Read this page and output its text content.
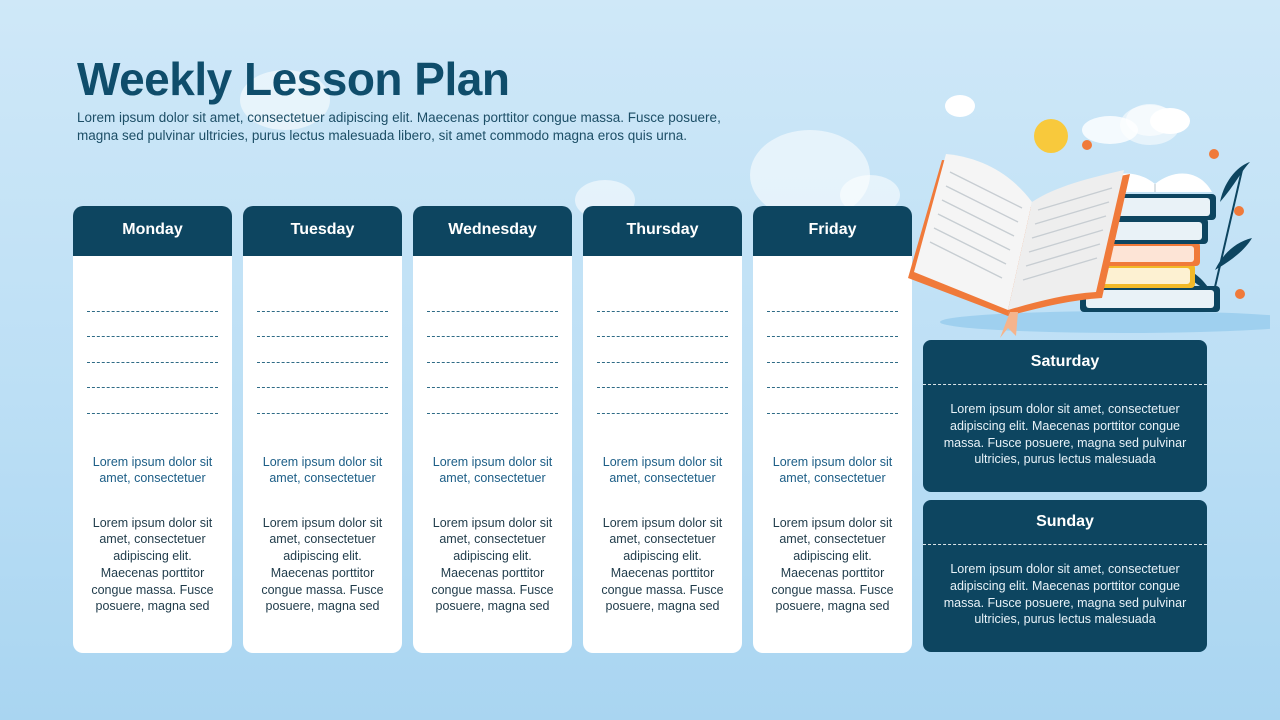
Weekly Lesson Plan

Lorem ipsum dolor sit amet, consectetuer adipiscing elit. Maecenas porttitor congue massa. Fusce posuere, magna sed pulvinar ultricies, purus lectus malesuada libero, sit amet commodo magna eros quis urna.

Monday

Lorem ipsum dolor sit amet, consectetuer

Lorem ipsum dolor sit amet, consectetuer adipiscing elit. Maecenas porttitor congue massa. Fusce posuere, magna sed

Tuesday

Lorem ipsum dolor sit amet, consectetuer

Lorem ipsum dolor sit amet, consectetuer adipiscing elit. Maecenas porttitor congue massa. Fusce posuere, magna sed

Wednesday

Lorem ipsum dolor sit amet, consectetuer

Lorem ipsum dolor sit amet, consectetuer adipiscing elit. Maecenas porttitor congue massa. Fusce posuere, magna sed

Thursday

Lorem ipsum dolor sit amet, consectetuer

Lorem ipsum dolor sit amet, consectetuer adipiscing elit. Maecenas porttitor congue massa. Fusce posuere, magna sed

Friday

Lorem ipsum dolor sit amet, consectetuer

Lorem ipsum dolor sit amet, consectetuer adipiscing elit. Maecenas porttitor congue massa. Fusce posuere, magna sed

Saturday

Lorem ipsum dolor sit amet, consectetuer adipiscing elit. Maecenas porttitor congue massa. Fusce posuere, magna sed pulvinar ultricies, purus lectus malesuada

Sunday

Lorem ipsum dolor sit amet, consectetuer adipiscing elit. Maecenas porttitor congue massa. Fusce posuere, magna sed pulvinar ultricies, purus lectus malesuada
